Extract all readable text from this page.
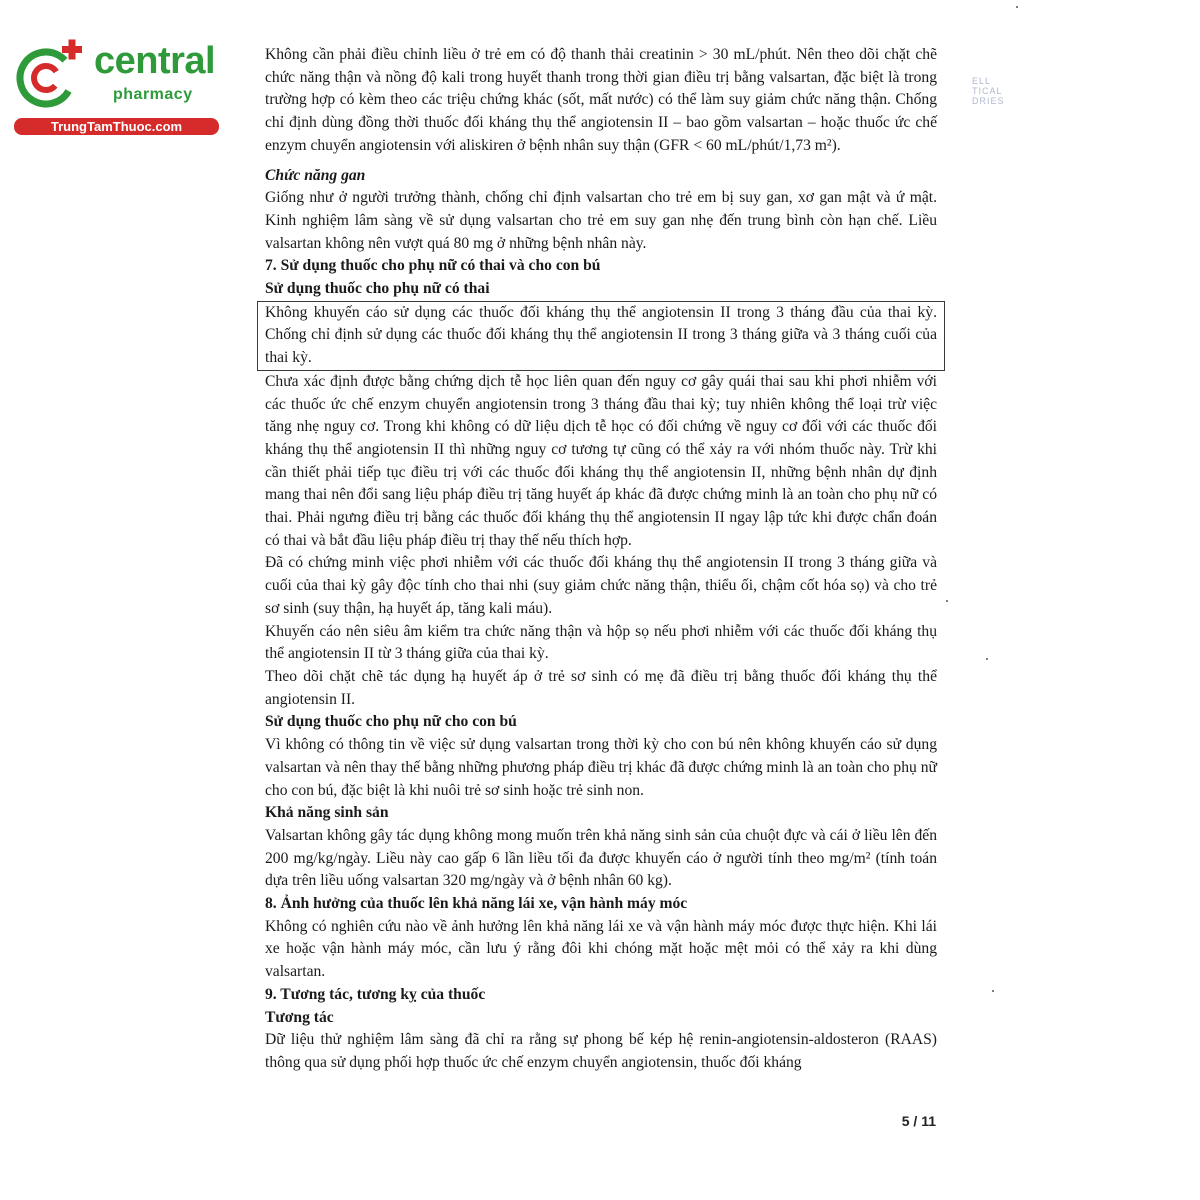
central
pharmacy
TrungTamThuoc.com
ELL
TICAL
DRIES

Không cần phải điều chỉnh liều ở trẻ em có độ thanh thải creatinin > 30 mL/phút. Nên theo dõi chặt chẽ chức năng thận và nồng độ kali trong huyết thanh trong thời gian điều trị bằng valsartan, đặc biệt là trong trường hợp có kèm theo các triệu chứng khác (sốt, mất nước) có thể làm suy giảm chức năng thận. Chống chỉ định dùng đồng thời thuốc đối kháng thụ thể angiotensin II – bao gồm valsartan – hoặc thuốc ức chế enzym chuyển angiotensin với aliskiren ở bệnh nhân suy thận (GFR < 60 mL/phút/1,73 m²).

Chức năng gan

Giống như ở người trưởng thành, chống chỉ định valsartan cho trẻ em bị suy gan, xơ gan mật và ứ mật. Kinh nghiệm lâm sàng về sử dụng valsartan cho trẻ em suy gan nhẹ đến trung bình còn hạn chế. Liều valsartan không nên vượt quá 80 mg ở những bệnh nhân này.

7. Sử dụng thuốc cho phụ nữ có thai và cho con bú

Sử dụng thuốc cho phụ nữ có thai

Không khuyến cáo sử dụng các thuốc đối kháng thụ thể angiotensin II trong 3 tháng đầu của thai kỳ. Chống chỉ định sử dụng các thuốc đối kháng thụ thể angiotensin II trong 3 tháng giữa và 3 tháng cuối của thai kỳ.

Chưa xác định được bằng chứng dịch tễ học liên quan đến nguy cơ gây quái thai sau khi phơi nhiễm với các thuốc ức chế enzym chuyển angiotensin trong 3 tháng đầu thai kỳ; tuy nhiên không thể loại trừ việc tăng nhẹ nguy cơ. Trong khi không có dữ liệu dịch tễ học có đối chứng về nguy cơ đối với các thuốc đối kháng thụ thể angiotensin II thì những nguy cơ tương tự cũng có thể xảy ra với nhóm thuốc này. Trừ khi cần thiết phải tiếp tục điều trị với các thuốc đối kháng thụ thể angiotensin II, những bệnh nhân dự định mang thai nên đổi sang liệu pháp điều trị tăng huyết áp khác đã được chứng minh là an toàn cho phụ nữ có thai. Phải ngưng điều trị bằng các thuốc đối kháng thụ thể angiotensin II ngay lập tức khi được chẩn đoán có thai và bắt đầu liệu pháp điều trị thay thế nếu thích hợp.

Đã có chứng minh việc phơi nhiễm với các thuốc đối kháng thụ thể angiotensin II trong 3 tháng giữa và cuối của thai kỳ gây độc tính cho thai nhi (suy giảm chức năng thận, thiểu ối, chậm cốt hóa sọ) và cho trẻ sơ sinh (suy thận, hạ huyết áp, tăng kali máu).

Khuyến cáo nên siêu âm kiểm tra chức năng thận và hộp sọ nếu phơi nhiễm với các thuốc đối kháng thụ thể angiotensin II từ 3 tháng giữa của thai kỳ.

Theo dõi chặt chẽ tác dụng hạ huyết áp ở trẻ sơ sinh có mẹ đã điều trị bằng thuốc đối kháng thụ thể angiotensin II.

Sử dụng thuốc cho phụ nữ cho con bú

Vì không có thông tin về việc sử dụng valsartan trong thời kỳ cho con bú nên không khuyến cáo sử dụng valsartan và nên thay thế bằng những phương pháp điều trị khác đã được chứng minh là an toàn cho phụ nữ cho con bú, đặc biệt là khi nuôi trẻ sơ sinh hoặc trẻ sinh non.

Khả năng sinh sản

Valsartan không gây tác dụng không mong muốn trên khả năng sinh sản của chuột đực và cái ở liều lên đến 200 mg/kg/ngày. Liều này cao gấp 6 lần liều tối đa được khuyến cáo ở người tính theo mg/m² (tính toán dựa trên liều uống valsartan 320 mg/ngày và ở bệnh nhân 60 kg).

8. Ảnh hưởng của thuốc lên khả năng lái xe, vận hành máy móc

Không có nghiên cứu nào về ảnh hưởng lên khả năng lái xe và vận hành máy móc được thực hiện. Khi lái xe hoặc vận hành máy móc, cần lưu ý rằng đôi khi chóng mặt hoặc mệt mỏi có thể xảy ra khi dùng valsartan.

9. Tương tác, tương kỵ của thuốc

Tương tác

Dữ liệu thử nghiệm lâm sàng đã chỉ ra rằng sự phong bế kép hệ renin-angiotensin-aldosteron (RAAS) thông qua sử dụng phối hợp thuốc ức chế enzym chuyển angiotensin, thuốc đối kháng

5 / 11
